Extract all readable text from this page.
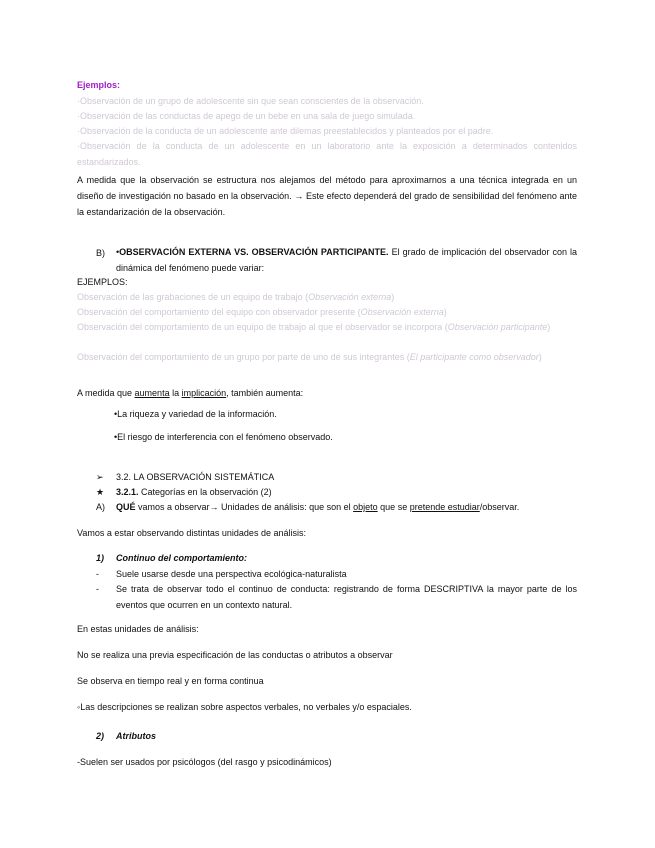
Ejemplos:
·Observación de un grupo de adolescente sin que sean conscientes de la observación.
·Observación de las conductas de apego de un bebe en una sala de juego simulada.
·Observación de la conducta de un adolescente ante dilemas preestablecidos y planteados por el padre.
·Observación de la conducta de un adolescente en un laboratorio ante la exposición a determinados contenidos estandarizados.
A medida que la observación se estructura nos alejamos del método para aproximarnos a una técnica integrada en un diseño de investigación no basado en la observación. → Este efecto dependerá del grado de sensibilidad del fenómeno ante la estandarización de la observación.
B) •OBSERVACIÓN EXTERNA VS. OBSERVACIÓN PARTICIPANTE. El grado de implicación del observador con la dinámica del fenómeno puede variar:
EJEMPLOS:
Observación de las grabaciones de un equipo de trabajo (Observación externa)
Observación del comportamiento del equipo con observador presente (Observación externa)
Observación del comportamiento de un equipo de trabajo al que el observador se incorpora (Observación participante)
Observación del comportamiento de un grupo por parte de uno de sus integrantes (El participante como observador)
A medida que aumenta la implicación, también aumenta:
•La riqueza y variedad de la información.
•El riesgo de interferencia con el fenómeno observado.
➢ 3.2. LA OBSERVACIÓN SISTEMÁTICA
★ 3.2.1. Categorías en la observación (2)
A) QUÉ vamos a observar→ Unidades de análisis: que son el objeto que se pretende estudiar/observar.
Vamos a estar observando distintas unidades de análisis:
1) Continuo del comportamiento:
- Suele usarse desde una perspectiva ecológica-naturalista
- Se trata de observar todo el continuo de conducta: registrando de forma DESCRIPTIVA la mayor parte de los eventos que ocurren en un contexto natural.
En estas unidades de análisis:
No se realiza una previa especificación de las conductas o atributos a observar
Se observa en tiempo real y en forma continua
◦Las descripciones se realizan sobre aspectos verbales, no verbales y/o espaciales.
2) Atributos
-Suelen ser usados por psicólogos (del rasgo y psicodinámicos)
